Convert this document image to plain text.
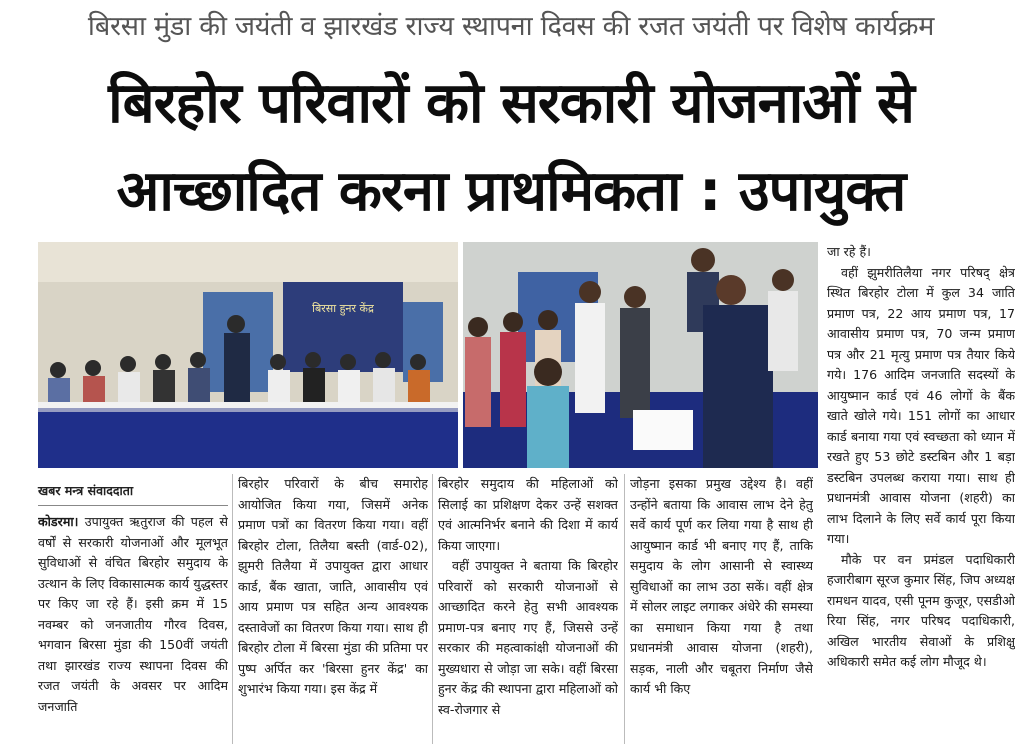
बिरसा मुंडा की जयंती व झारखंड राज्य स्थापना दिवस की रजत जयंती पर विशेष कार्यक्रम
बिरहोर परिवारों को सरकारी योजनाओं से
आच्छादित करना प्राथमिकता : उपायुक्त
बिरसा हुनर केंद्र
खबर मन्त्र संवाददाता

कोडरमा। उपायुक्त ऋतुराज की पहल से वर्षों से सरकारी योजनाओं और मूलभूत सुविधाओं से वंचित बिरहोर समुदाय के उत्थान के लिए विकासात्मक कार्य युद्धस्तर पर किए जा रहे हैं। इसी क्रम में 15 नवम्बर को जनजातीय गौरव दिवस, भगवान बिरसा मुंडा की 150वीं जयंती तथा झारखंड राज्य स्थापना दिवस की रजत जयंती के अवसर पर आदिम जनजाति

बिरहोर परिवारों के बीच समारोह आयोजित किया गया, जिसमें अनेक प्रमाण पत्रों का वितरण किया गया। वहीं बिरहोर टोला, तिलैया बस्ती (वार्ड-02), झुमरी तिलैया में उपायुक्त द्वारा आधार कार्ड, बैंक खाता, जाति, आवासीय एवं आय प्रमाण पत्र सहित अन्य आवश्यक दस्तावेजों का वितरण किया गया। साथ ही बिरहोर टोला में बिरसा मुंडा की प्रतिमा पर पुष्प अर्पित कर 'बिरसा हुनर केंद्र' का शुभारंभ किया गया। इस केंद्र में

बिरहोर समुदाय की महिलाओं को सिलाई का प्रशिक्षण देकर उन्हें सशक्त एवं आत्मनिर्भर बनाने की दिशा में कार्य किया जाएगा।

वहीं उपायुक्त ने बताया कि बिरहोर परिवारों को सरकारी योजनाओं से आच्छादित करने हेतु सभी आवश्यक प्रमाण-पत्र बनाए गए हैं, जिससे उन्हें सरकार की महत्वाकांक्षी योजनाओं की मुख्यधारा से जोड़ा जा सके। वहीं बिरसा हुनर केंद्र की स्थापना द्वारा महिलाओं को स्व-रोजगार से

जोड़ना इसका प्रमुख उद्देश्य है। वहीं उन्होंने बताया कि आवास लाभ देने हेतु सर्वे कार्य पूर्ण कर लिया गया है साथ ही आयुष्मान कार्ड भी बनाए गए हैं, ताकि समुदाय के लोग आसानी से स्वास्थ्य सुविधाओं का लाभ उठा सकें। वहीं क्षेत्र में सोलर लाइट लगाकर अंधेरे की समस्या का समाधान किया गया है तथा प्रधानमंत्री आवास योजना (शहरी), सड़क, नाली और चबूतरा निर्माण जैसे कार्य भी किए

जा रहे हैं।

वहीं झुमरीतिलैया नगर परिषद् क्षेत्र स्थित बिरहोर टोला में कुल 34 जाति प्रमाण पत्र, 22 आय प्रमाण पत्र, 17 आवासीय प्रमाण पत्र, 70 जन्म प्रमाण पत्र और 21 मृत्यु प्रमाण पत्र तैयार किये गये। 176 आदिम जनजाति सदस्यों के आयुष्मान कार्ड एवं 46 लोगों के बैंक खाते खोले गये। 151 लोगों का आधार कार्ड बनाया गया एवं स्वच्छता को ध्यान में रखते हुए 53 छोटे डस्टबिन और 1 बड़ा डस्टबिन उपलब्ध कराया गया। साथ ही प्रधानमंत्री आवास योजना (शहरी) का लाभ दिलाने के लिए सर्वे कार्य पूरा किया गया।

मौके पर वन प्रमंडल पदाधिकारी हजारीबाग सूरज कुमार सिंह, जिप अध्यक्ष रामधन यादव, एसी पूनम कुजूर, एसडीओ रिया सिंह, नगर परिषद पदाधिकारी, अखिल भारतीय सेवाओं के प्रशिक्षु अधिकारी समेत कई लोग मौजूद थे।
